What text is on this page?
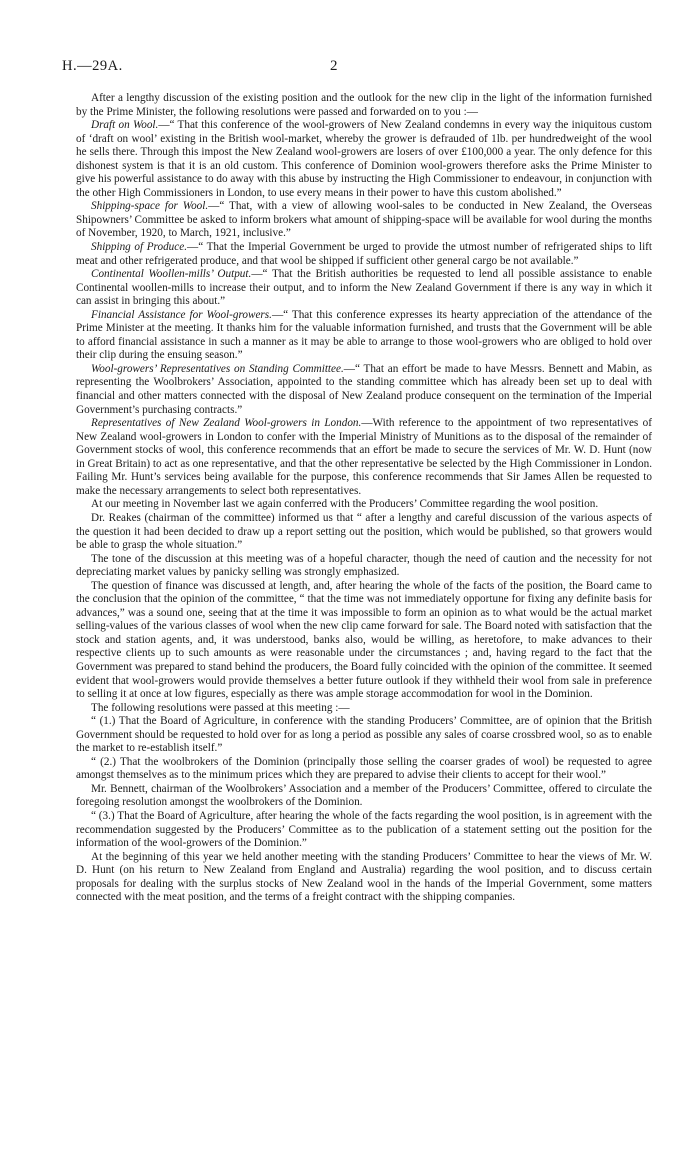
H.—29A.	2

After a lengthy discussion of the existing position and the outlook for the new clip in the light of the information furnished by the Prime Minister, the following resolutions were passed and forwarded on to you :—

Draft on Wool.—“ That this conference of the wool-growers of New Zealand condemns in every way the iniquitous custom of ‘draft on wool’ existing in the British wool-market, whereby the grower is defrauded of 1lb. per hundredweight of the wool he sells there. Through this impost the New Zealand wool-growers are losers of over £100,000 a year. The only defence for this dishonest system is that it is an old custom. This conference of Dominion wool-growers therefore asks the Prime Minister to give his powerful assistance to do away with this abuse by instructing the High Commissioner to endeavour, in conjunction with the other High Commissioners in London, to use every means in their power to have this custom abolished.”

Shipping-space for Wool.—“ That, with a view of allowing wool-sales to be conducted in New Zealand, the Overseas Shipowners’ Committee be asked to inform brokers what amount of shipping-space will be available for wool during the months of November, 1920, to March, 1921, inclusive.”

Shipping of Produce.—“ That the Imperial Government be urged to provide the utmost number of refrigerated ships to lift meat and other refrigerated produce, and that wool be shipped if sufficient other general cargo be not available.”

Continental Woollen-mills’ Output.—“ That the British authorities be requested to lend all possible assistance to enable Continental woollen-mills to increase their output, and to inform the New Zealand Government if there is any way in which it can assist in bringing this about.”

Financial Assistance for Wool-growers.—“ That this conference expresses its hearty appreciation of the attendance of the Prime Minister at the meeting. It thanks him for the valuable information furnished, and trusts that the Government will be able to afford financial assistance in such a manner as it may be able to arrange to those wool-growers who are obliged to hold over their clip during the ensuing season.”

Wool-growers’ Representatives on Standing Committee.—“ That an effort be made to have Messrs. Bennett and Mabin, as representing the Woolbrokers’ Association, appointed to the standing committee which has already been set up to deal with financial and other matters connected with the disposal of New Zealand produce consequent on the termination of the Imperial Government’s purchasing contracts.”

Representatives of New Zealand Wool-growers in London.—With reference to the appointment of two representatives of New Zealand wool-growers in London to confer with the Imperial Ministry of Munitions as to the disposal of the remainder of Government stocks of wool, this conference recommends that an effort be made to secure the services of Mr. W. D. Hunt (now in Great Britain) to act as one representative, and that the other representative be selected by the High Commissioner in London. Failing Mr. Hunt’s services being available for the purpose, this conference recommends that Sir James Allen be requested to make the necessary arrangements to select both representatives.

At our meeting in November last we again conferred with the Producers’ Committee regarding the wool position.

Dr. Reakes (chairman of the committee) informed us that “ after a lengthy and careful discussion of the various aspects of the question it had been decided to draw up a report setting out the position, which would be published, so that growers would be able to grasp the whole situation.”

The tone of the discussion at this meeting was of a hopeful character, though the need of caution and the necessity for not depreciating market values by panicky selling was strongly emphasized.

The question of finance was discussed at length, and, after hearing the whole of the facts of the position, the Board came to the conclusion that the opinion of the committee, “ that the time was not immediately opportune for fixing any definite basis for advances,” was a sound one, seeing that at the time it was impossible to form an opinion as to what would be the actual market selling-values of the various classes of wool when the new clip came forward for sale. The Board noted with satisfaction that the stock and station agents, and, it was understood, banks also, would be willing, as heretofore, to make advances to their respective clients up to such amounts as were reasonable under the circumstances ; and, having regard to the fact that the Government was prepared to stand behind the producers, the Board fully coincided with the opinion of the committee. It seemed evident that wool-growers would provide themselves a better future outlook if they withheld their wool from sale in preference to selling it at once at low figures, especially as there was ample storage accommodation for wool in the Dominion.

The following resolutions were passed at this meeting :—

“ (1.) That the Board of Agriculture, in conference with the standing Producers’ Committee, are of opinion that the British Government should be requested to hold over for as long a period as possible any sales of coarse crossbred wool, so as to enable the market to re-establish itself.”

“ (2.) That the woolbrokers of the Dominion (principally those selling the coarser grades of wool) be requested to agree amongst themselves as to the minimum prices which they are prepared to advise their clients to accept for their wool.”

Mr. Bennett, chairman of the Woolbrokers’ Association and a member of the Producers’ Committee, offered to circulate the foregoing resolution amongst the woolbrokers of the Dominion.

“ (3.) That the Board of Agriculture, after hearing the whole of the facts regarding the wool position, is in agreement with the recommendation suggested by the Producers’ Committee as to the publication of a statement setting out the position for the information of the wool-growers of the Dominion.”

At the beginning of this year we held another meeting with the standing Producers’ Committee to hear the views of Mr. W. D. Hunt (on his return to New Zealand from England and Australia) regarding the wool position, and to discuss certain proposals for dealing with the surplus stocks of New Zealand wool in the hands of the Imperial Government, some matters connected with the meat position, and the terms of a freight contract with the shipping companies.
